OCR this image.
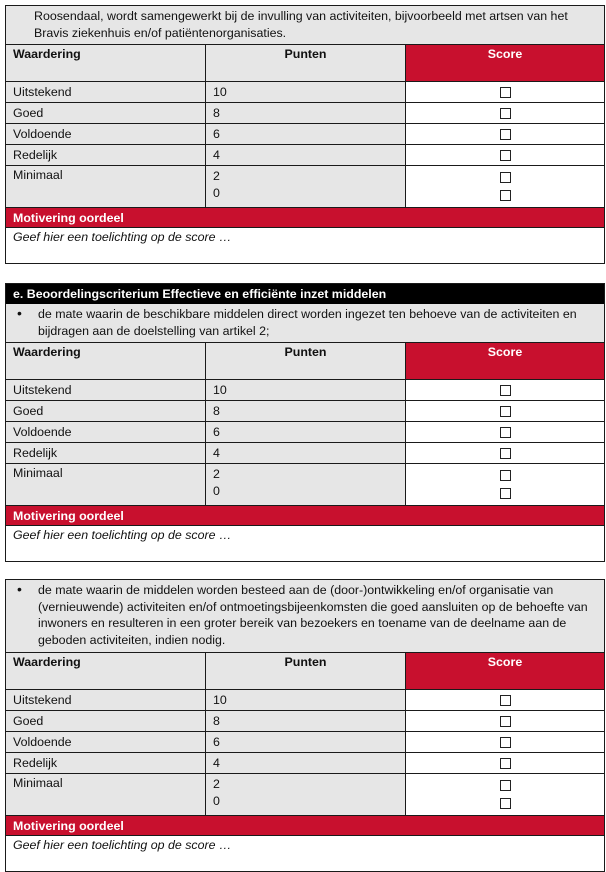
Roosendaal, wordt samengewerkt bij de invulling van activiteiten, bijvoorbeeld met artsen van het Bravis ziekenhuis en/of patiëntenorganisaties.
Waardering	Punten	Score
Uitstekend	10
Goed	8
Voldoende	6
Redelijk	4
Minimaal	2
0
Motivering oordeel
Geef hier een toelichting op de score …
e. Beoordelingscriterium Effectieve en efficiënte inzet middelen
• de mate waarin de beschikbare middelen direct worden ingezet ten behoeve van de activiteiten en bijdragen aan de doelstelling van artikel 2;
Waardering	Punten	Score
Uitstekend	10
Goed	8
Voldoende	6
Redelijk	4
Minimaal	2
0
Motivering oordeel
Geef hier een toelichting op de score …
• de mate waarin de middelen worden besteed aan de (door-)ontwikkeling en/of organisatie van (vernieuwende) activiteiten en/of ontmoetingsbijeenkomsten die goed aansluiten op de behoefte van inwoners en resulteren in een groter bereik van bezoekers en toename van de deelname aan de geboden activiteiten, indien nodig.
Waardering	Punten	Score
Uitstekend	10
Goed	8
Voldoende	6
Redelijk	4
Minimaal	2
0
Motivering oordeel
Geef hier een toelichting op de score …
